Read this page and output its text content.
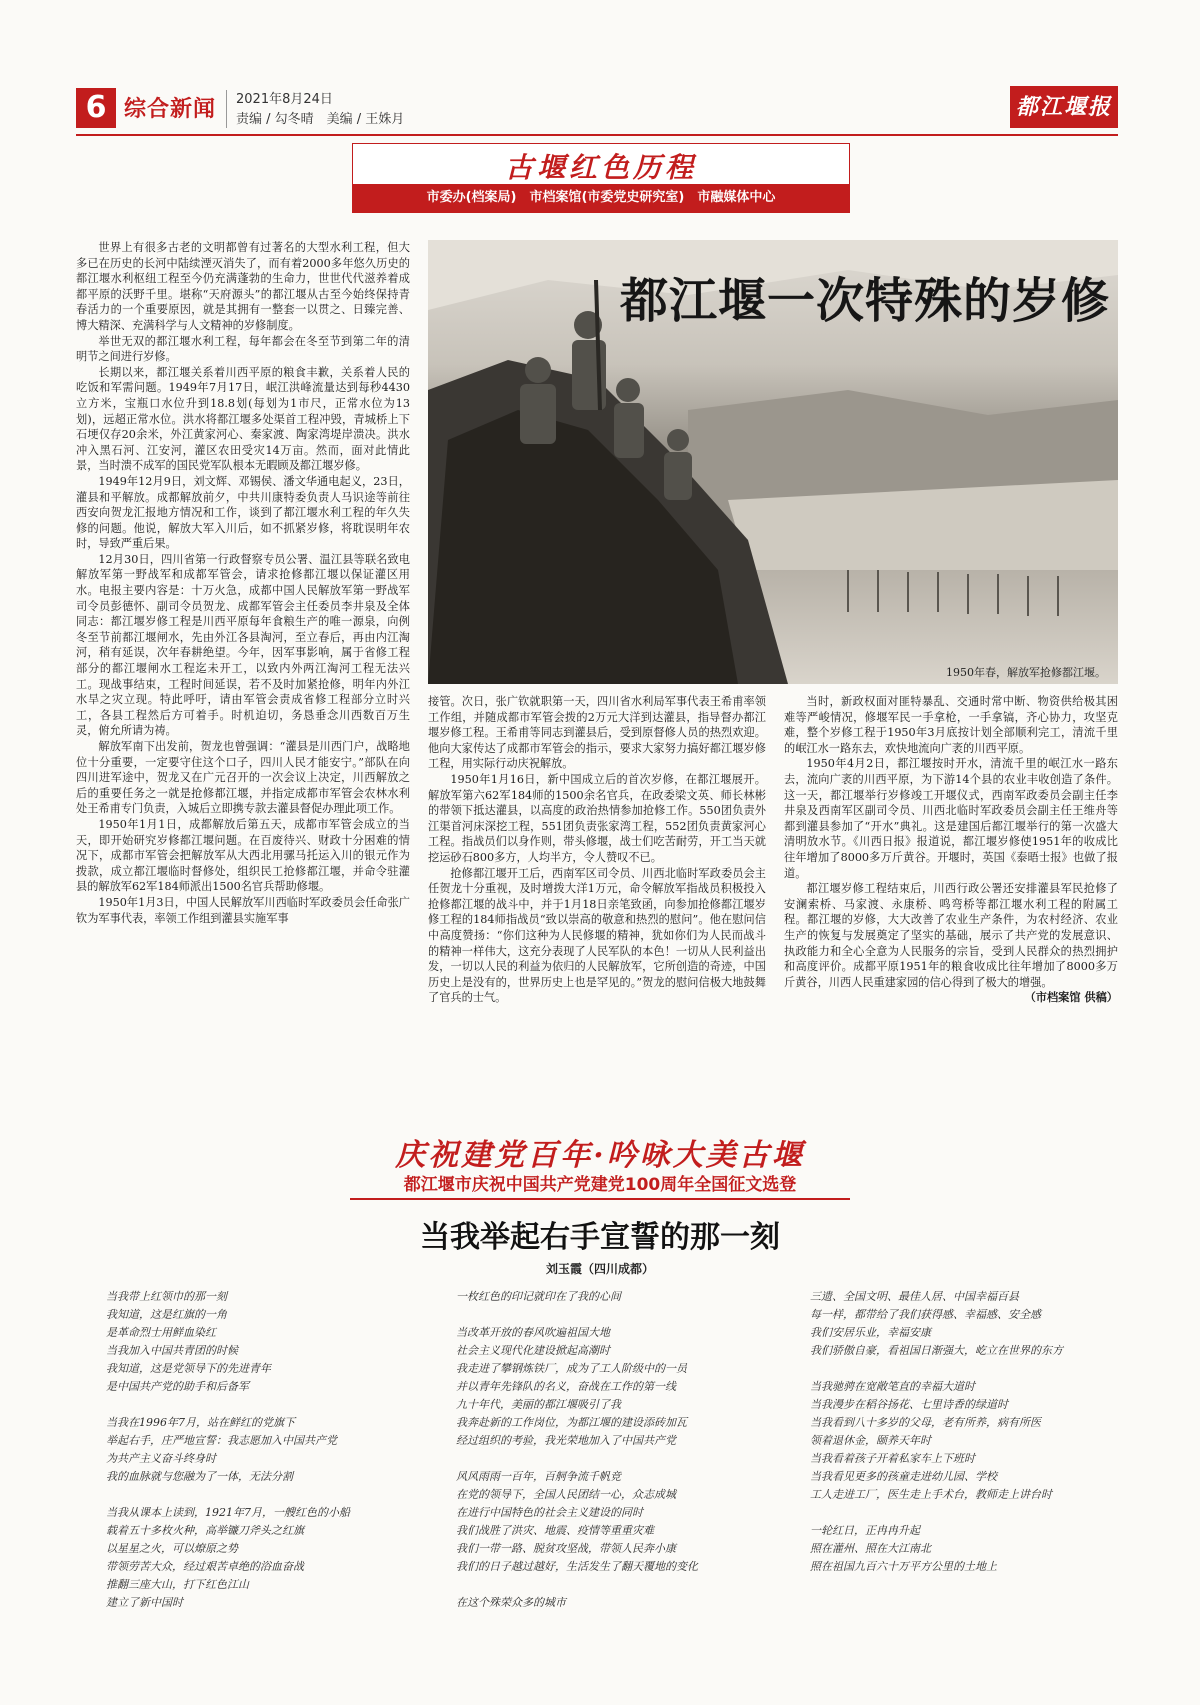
6 综合新闻 2021年8月24日
责编 / 勾冬晴　美编 / 王姝月	都江堰报
古堰红色历程
市委办(档案局)　市档案馆(市委党史研究室)　市融媒体中心

世界上有很多古老的文明都曾有过著名的大型水利工程，但大多已在历史的长河中陆续湮灭消失了，而有着2000多年悠久历史的都江堰水利枢纽工程至今仍充满蓬勃的生命力，世世代代滋养着成都平原的沃野千里。堪称“天府源头”的都江堰从古至今始终保持青春活力的一个重要原因，就是其拥有一整套一以贯之、日臻完善、博大精深、充满科学与人文精神的岁修制度。

举世无双的都江堰水利工程，每年都会在冬至节到第二年的清明节之间进行岁修。

长期以来，都江堰关系着川西平原的粮食丰歉，关系着人民的吃饭和军需问题。1949年7月17日，岷江洪峰流量达到每秒4430立方米，宝瓶口水位升到18.8划(每划为1市尺，正常水位为13划)，远超正常水位。洪水将都江堰多处渠首工程冲毁，青城桥上下石埂仅存20余米，外江黄家河心、秦家渡、陶家湾堤岸溃决。洪水冲入黑石河、江安河，灌区农田受灾14万亩。然而，面对此情此景，当时溃不成军的国民党军队根本无暇顾及都江堰岁修。

1949年12月9日，刘文辉、邓锡侯、潘文华通电起义，23日，灌县和平解放。成都解放前夕，中共川康特委负责人马识途等前往西安向贺龙汇报地方情况和工作，谈到了都江堰水利工程的年久失修的问题。他说，解放大军入川后，如不抓紧岁修，将耽误明年农时，导致严重后果。

12月30日，四川省第一行政督察专员公署、温江县等联名致电解放军第一野战军和成都军管会，请求抢修都江堰以保证灌区用水。电报主要内容是：十万火急，成都中国人民解放军第一野战军司令员彭德怀、副司令员贺龙、成都军管会主任委员李井泉及全体同志：都江堰岁修工程是川西平原每年食粮生产的唯一源泉，向例冬至节前都江堰闸水，先由外江各县淘河，至立春后，再由内江淘河，稍有延误，次年春耕绝望。今年，因军事影响，属于省修工程部分的都江堰闸水工程迄未开工，以致内外两江淘河工程无法兴工。现战事结束，工程时间延误，若不及时加紧抢修，明年内外江水旱之灾立现。特此呼吁，请由军管会责成省修工程部分立时兴工，各县工程然后方可着手。时机迫切，务恳垂念川西数百万生灵，俯允所请为祷。

解放军南下出发前，贺龙也曾强调：“灌县是川西门户，战略地位十分重要，一定要守住这个口子，四川人民才能安宁。”部队在向四川进军途中，贺龙又在广元召开的一次会议上决定，川西解放之后的重要任务之一就是抢修都江堰，并指定成都市军管会农林水利处王希甫专门负责，入城后立即携专款去灌县督促办理此项工作。

1950年1月1日，成都解放后第五天，成都市军管会成立的当天，即开始研究岁修都江堰问题。在百废待兴、财政十分困难的情况下，成都市军管会把解放军从大西北用骡马托运入川的银元作为拨款，成立都江堰临时督修处，组织民工抢修都江堰，并命令驻灌县的解放军62军184师派出1500名官兵帮助修堰。

1950年1月3日，中国人民解放军川西临时军政委员会任命张广钦为军事代表，率领工作组到灌县实施军事

都江堰一次特殊的岁修
1950年春，解放军抢修都江堰。

接管。次日，张广钦就职第一天，四川省水利局军事代表王希甫率领工作组，并随成都市军管会拨的2万元大洋到达灌县，指导督办都江堰岁修工程。王希甫等同志到灌县后，受到原督修人员的热烈欢迎。他向大家传达了成都市军管会的指示，要求大家努力搞好都江堰岁修工程，用实际行动庆祝解放。

1950年1月16日，新中国成立后的首次岁修，在都江堰展开。解放军第六62军184师的1500余名官兵，在政委梁文英、师长林彬的带领下抵达灌县，以高度的政治热情参加抢修工作。550团负责外江渠首河床深挖工程，551团负责张家湾工程，552团负责黄家河心工程。指战员们以身作则，带头修堰，战士们吃苦耐劳，开工当天就挖运砂石800多方，人均半方，令人赞叹不已。

抢修都江堰开工后，西南军区司令员、川西北临时军政委员会主任贺龙十分重视，及时增拨大洋1万元，命令解放军指战员积极投入抢修都江堰的战斗中，并于1月18日亲笔致函，向参加抢修都江堰岁修工程的184师指战员“致以崇高的敬意和热烈的慰问”。他在慰问信中高度赞扬：“你们这种为人民修堰的精神，犹如你们为人民而战斗的精神一样伟大，这充分表现了人民军队的本色！一切从人民利益出发，一切以人民的利益为依归的人民解放军，它所创造的奇迹，中国历史上是没有的，世界历史上也是罕见的。”贺龙的慰问信极大地鼓舞了官兵的士气。

当时，新政权面对匪特暴乱、交通时常中断、物资供给极其困难等严峻情况，修堰军民一手拿枪，一手拿镐，齐心协力，攻坚克难，整个岁修工程于1950年3月底按计划全部顺利完工，清流千里的岷江水一路东去，欢快地流向广袤的川西平原。

1950年4月2日，都江堰按时开水，清流千里的岷江水一路东去，流向广袤的川西平原，为下游14个县的农业丰收创造了条件。这一天，都江堰举行岁修竣工开堰仪式，西南军政委员会副主任李井泉及西南军区副司令员、川西北临时军政委员会副主任王维舟等都到灌县参加了“开水”典礼。这是建国后都江堰举行的第一次盛大清明放水节。《川西日报》报道说，都江堰岁修使1951年的收成比往年增加了8000多万斤黄谷。开堰时，英国《泰晤士报》也做了报道。

都江堰岁修工程结束后，川西行政公署还安排灌县军民抢修了安澜索桥、马家渡、永康桥、鸣弯桥等都江堰水利工程的附属工程。都江堰的岁修，大大改善了农业生产条件，为农村经济、农业生产的恢复与发展奠定了坚实的基础，展示了共产党的发展意识、执政能力和全心全意为人民服务的宗旨，受到人民群众的热烈拥护和高度评价。成都平原1951年的粮食收成比往年增加了8000多万斤黄谷，川西人民重建家园的信心得到了极大的增强。

（市档案馆 供稿）

庆祝建党百年·吟咏大美古堰
都江堰市庆祝中国共产党建党100周年全国征文选登
当我举起右手宣誓的那一刻
刘玉霞（四川成都）
当我带上红领巾的那一刻
我知道，这是红旗的一角
是革命烈士用鲜血染红
当我加入中国共青团的时候
我知道，这是党领导下的先进青年
是中国共产党的助手和后备军
当我在1996年7月，站在鲜红的党旗下
举起右手，庄严地宣誓：我志愿加入中国共产党
为共产主义奋斗终身时
我的血脉就与您融为了一体，无法分割
当我从课本上读到，1921年7月，一艘红色的小船
载着五十多枚火种，高举镰刀斧头之红旗
以星星之火，可以燎原之势
带领劳苦大众，经过艰苦卓绝的浴血奋战
推翻三座大山，打下红色江山
建立了新中国时
一枚红色的印记就印在了我的心间
当改革开放的春风吹遍祖国大地
社会主义现代化建设掀起高潮时
我走进了攀钢炼铁厂，成为了工人阶级中的一员
并以青年先锋队的名义，奋战在工作的第一线
九十年代，美丽的都江堰吸引了我
我奔赴新的工作岗位，为都江堰的建设添砖加瓦
经过组织的考验，我光荣地加入了中国共产党
风风雨雨一百年，百舸争流千帆竞
在党的领导下，全国人民团结一心，众志成城
在进行中国特色的社会主义建设的同时
我们战胜了洪灾、地震、疫情等重重灾难
我们一带一路、脱贫攻坚战，带领人民奔小康
我们的日子越过越好，生活发生了翻天覆地的变化
在这个殊荣众多的城市
三遗、全国文明、最佳人居、中国幸福百县
每一样，都带给了我们获得感、幸福感、安全感
我们安居乐业，幸福安康
我们骄傲自豪，看祖国日渐强大，屹立在世界的东方
当我驰骋在宽敞笔直的幸福大道时
当我漫步在稻谷扬花、七里诗香的绿道时
当我看到八十多岁的父母，老有所养，病有所医
领着退休金，颐养天年时
当我看着孩子开着私家车上下班时
当我看见更多的孩童走进幼儿园、学校
工人走进工厂，医生走上手术台，教师走上讲台时
一轮红日，正冉冉升起
照在灌州、照在大江南北
照在祖国九百六十万平方公里的土地上
